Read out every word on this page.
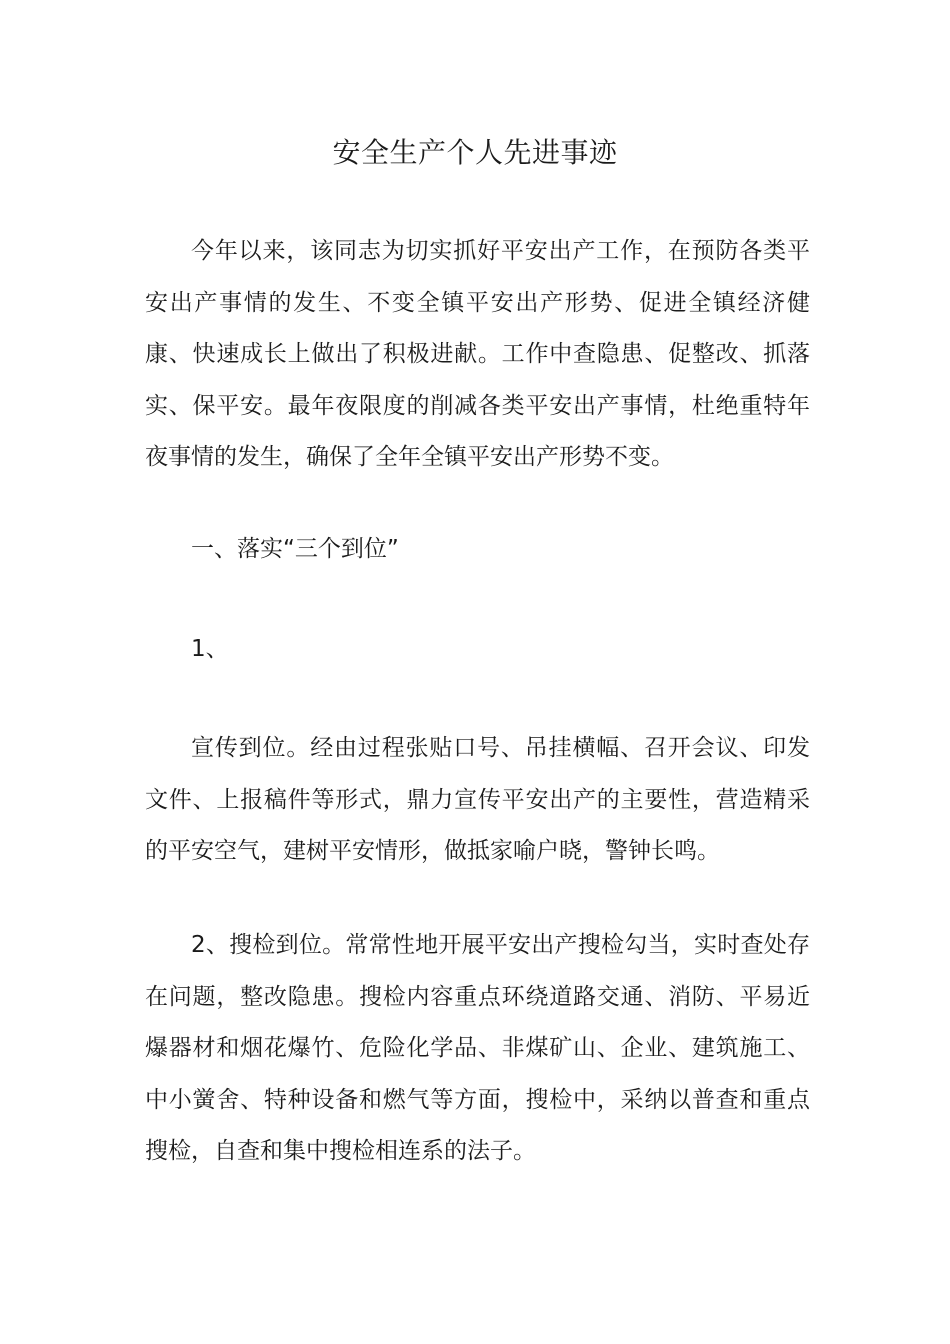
安全生产个人先进事迹
今年以来，该同志为切实抓好平安出产工作，在预防各类平安出产事情的发生、不变全镇平安出产形势、促进全镇经济健康、快速成长上做出了积极进献。工作中查隐患、促整改、抓落实、保平安。最年夜限度的削减各类平安出产事情，杜绝重特年夜事情的发生，确保了全年全镇平安出产形势不变。
一、落实“三个到位”
1、
宣传到位。经由过程张贴口号、吊挂横幅、召开会议、印发文件、上报稿件等形式，鼎力宣传平安出产的主要性，营造精采的平安空气，建树平安情形，做抵家喻户晓，警钟长鸣。
2、搜检到位。常常性地开展平安出产搜检勾当，实时查处存在问题，整改隐患。搜检内容重点环绕道路交通、消防、平易近爆器材和烟花爆竹、危险化学品、非煤矿山、企业、建筑施工、中小黉舍、特种设备和燃气等方面，搜检中，采纳以普查和重点搜检，自查和集中搜检相连系的法子。
